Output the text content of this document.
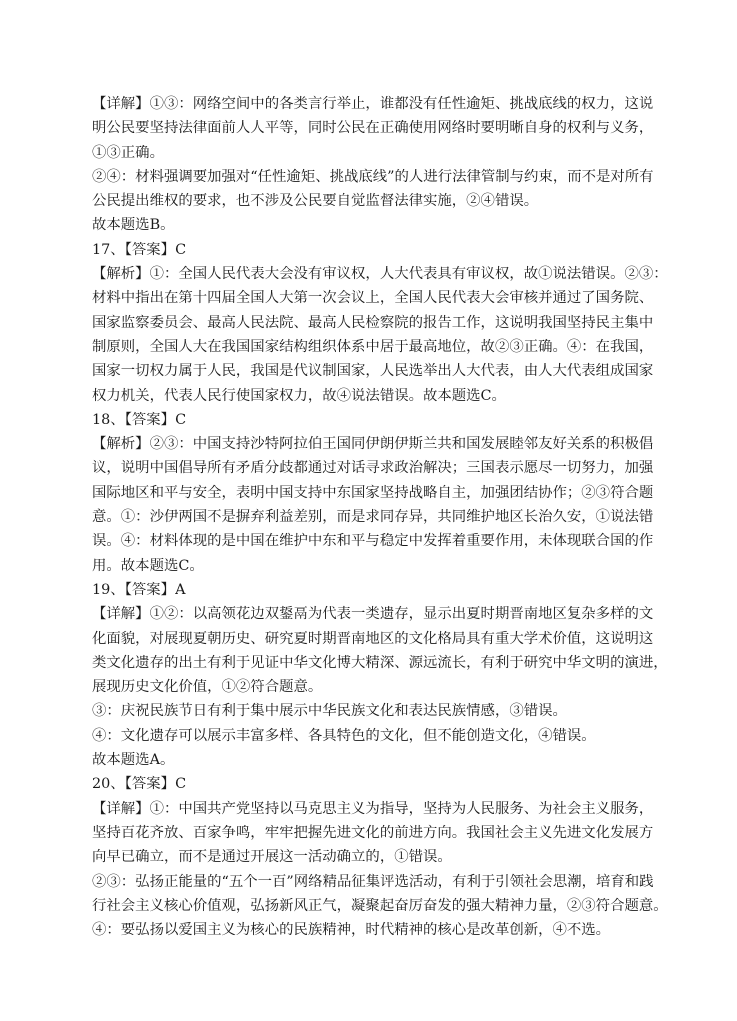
【详解】①③：网络空间中的各类言行举止，谁都没有任性逾矩、挑战底线的权力，这说
明公民要坚持法律面前人人平等，同时公民在正确使用网络时要明晰自身的权利与义务，
①③正确。
②④：材料强调要加强对“任性逾矩、挑战底线”的人进行法律管制与约束，而不是对所有
公民提出维权的要求，也不涉及公民要自觉监督法律实施，②④错误。
故本题选B。
17、【答案】C
【解析】①：全国人民代表大会没有审议权，人大代表具有审议权，故①说法错误。②③：
材料中指出在第十四届全国人大第一次会议上，全国人民代表大会审核并通过了国务院、
国家监察委员会、最高人民法院、最高人民检察院的报告工作，这说明我国坚持民主集中
制原则，全国人大在我国国家结构组织体系中居于最高地位，故②③正确。④：在我国，
国家一切权力属于人民，我国是代议制国家，人民选举出人大代表，由人大代表组成国家
权力机关，代表人民行使国家权力，故④说法错误。故本题选C。
18、【答案】C
【解析】②③：中国支持沙特阿拉伯王国同伊朗伊斯兰共和国发展睦邻友好关系的积极倡
议，说明中国倡导所有矛盾分歧都通过对话寻求政治解决；三国表示愿尽一切努力，加强
国际地区和平与安全，表明中国支持中东国家坚持战略自主，加强团结协作；②③符合题
意。①：沙伊两国不是摒弃利益差别，而是求同存异，共同维护地区长治久安，①说法错
误。④：材料体现的是中国在维护中东和平与稳定中发挥着重要作用，未体现联合国的作
用。故本题选C。
19、【答案】A
【详解】①②：以高领花边双鋬鬲为代表一类遗存，显示出夏时期晋南地区复杂多样的文
化面貌，对展现夏朝历史、研究夏时期晋南地区的文化格局具有重大学术价值，这说明这
类文化遗存的出土有利于见证中华文化博大精深、源远流长，有利于研究中华文明的演进，
展现历史文化价值，①②符合题意。
③：庆祝民族节日有利于集中展示中华民族文化和表达民族情感，③错误。
④：文化遗存可以展示丰富多样、各具特色的文化，但不能创造文化，④错误。
故本题选A。
20、【答案】C
【详解】①：中国共产党坚持以马克思主义为指导，坚持为人民服务、为社会主义服务，
坚持百花齐放、百家争鸣，牢牢把握先进文化的前进方向。我国社会主义先进文化发展方
向早已确立，而不是通过开展这一活动确立的，①错误。
②③：弘扬正能量的“五个一百”网络精品征集评选活动，有利于引领社会思潮，培育和践
行社会主义核心价值观，弘扬新风正气，凝聚起奋厉奋发的强大精神力量，②③符合题意。
④：要弘扬以爱国主义为核心的民族精神，时代精神的核心是改革创新，④不选。
